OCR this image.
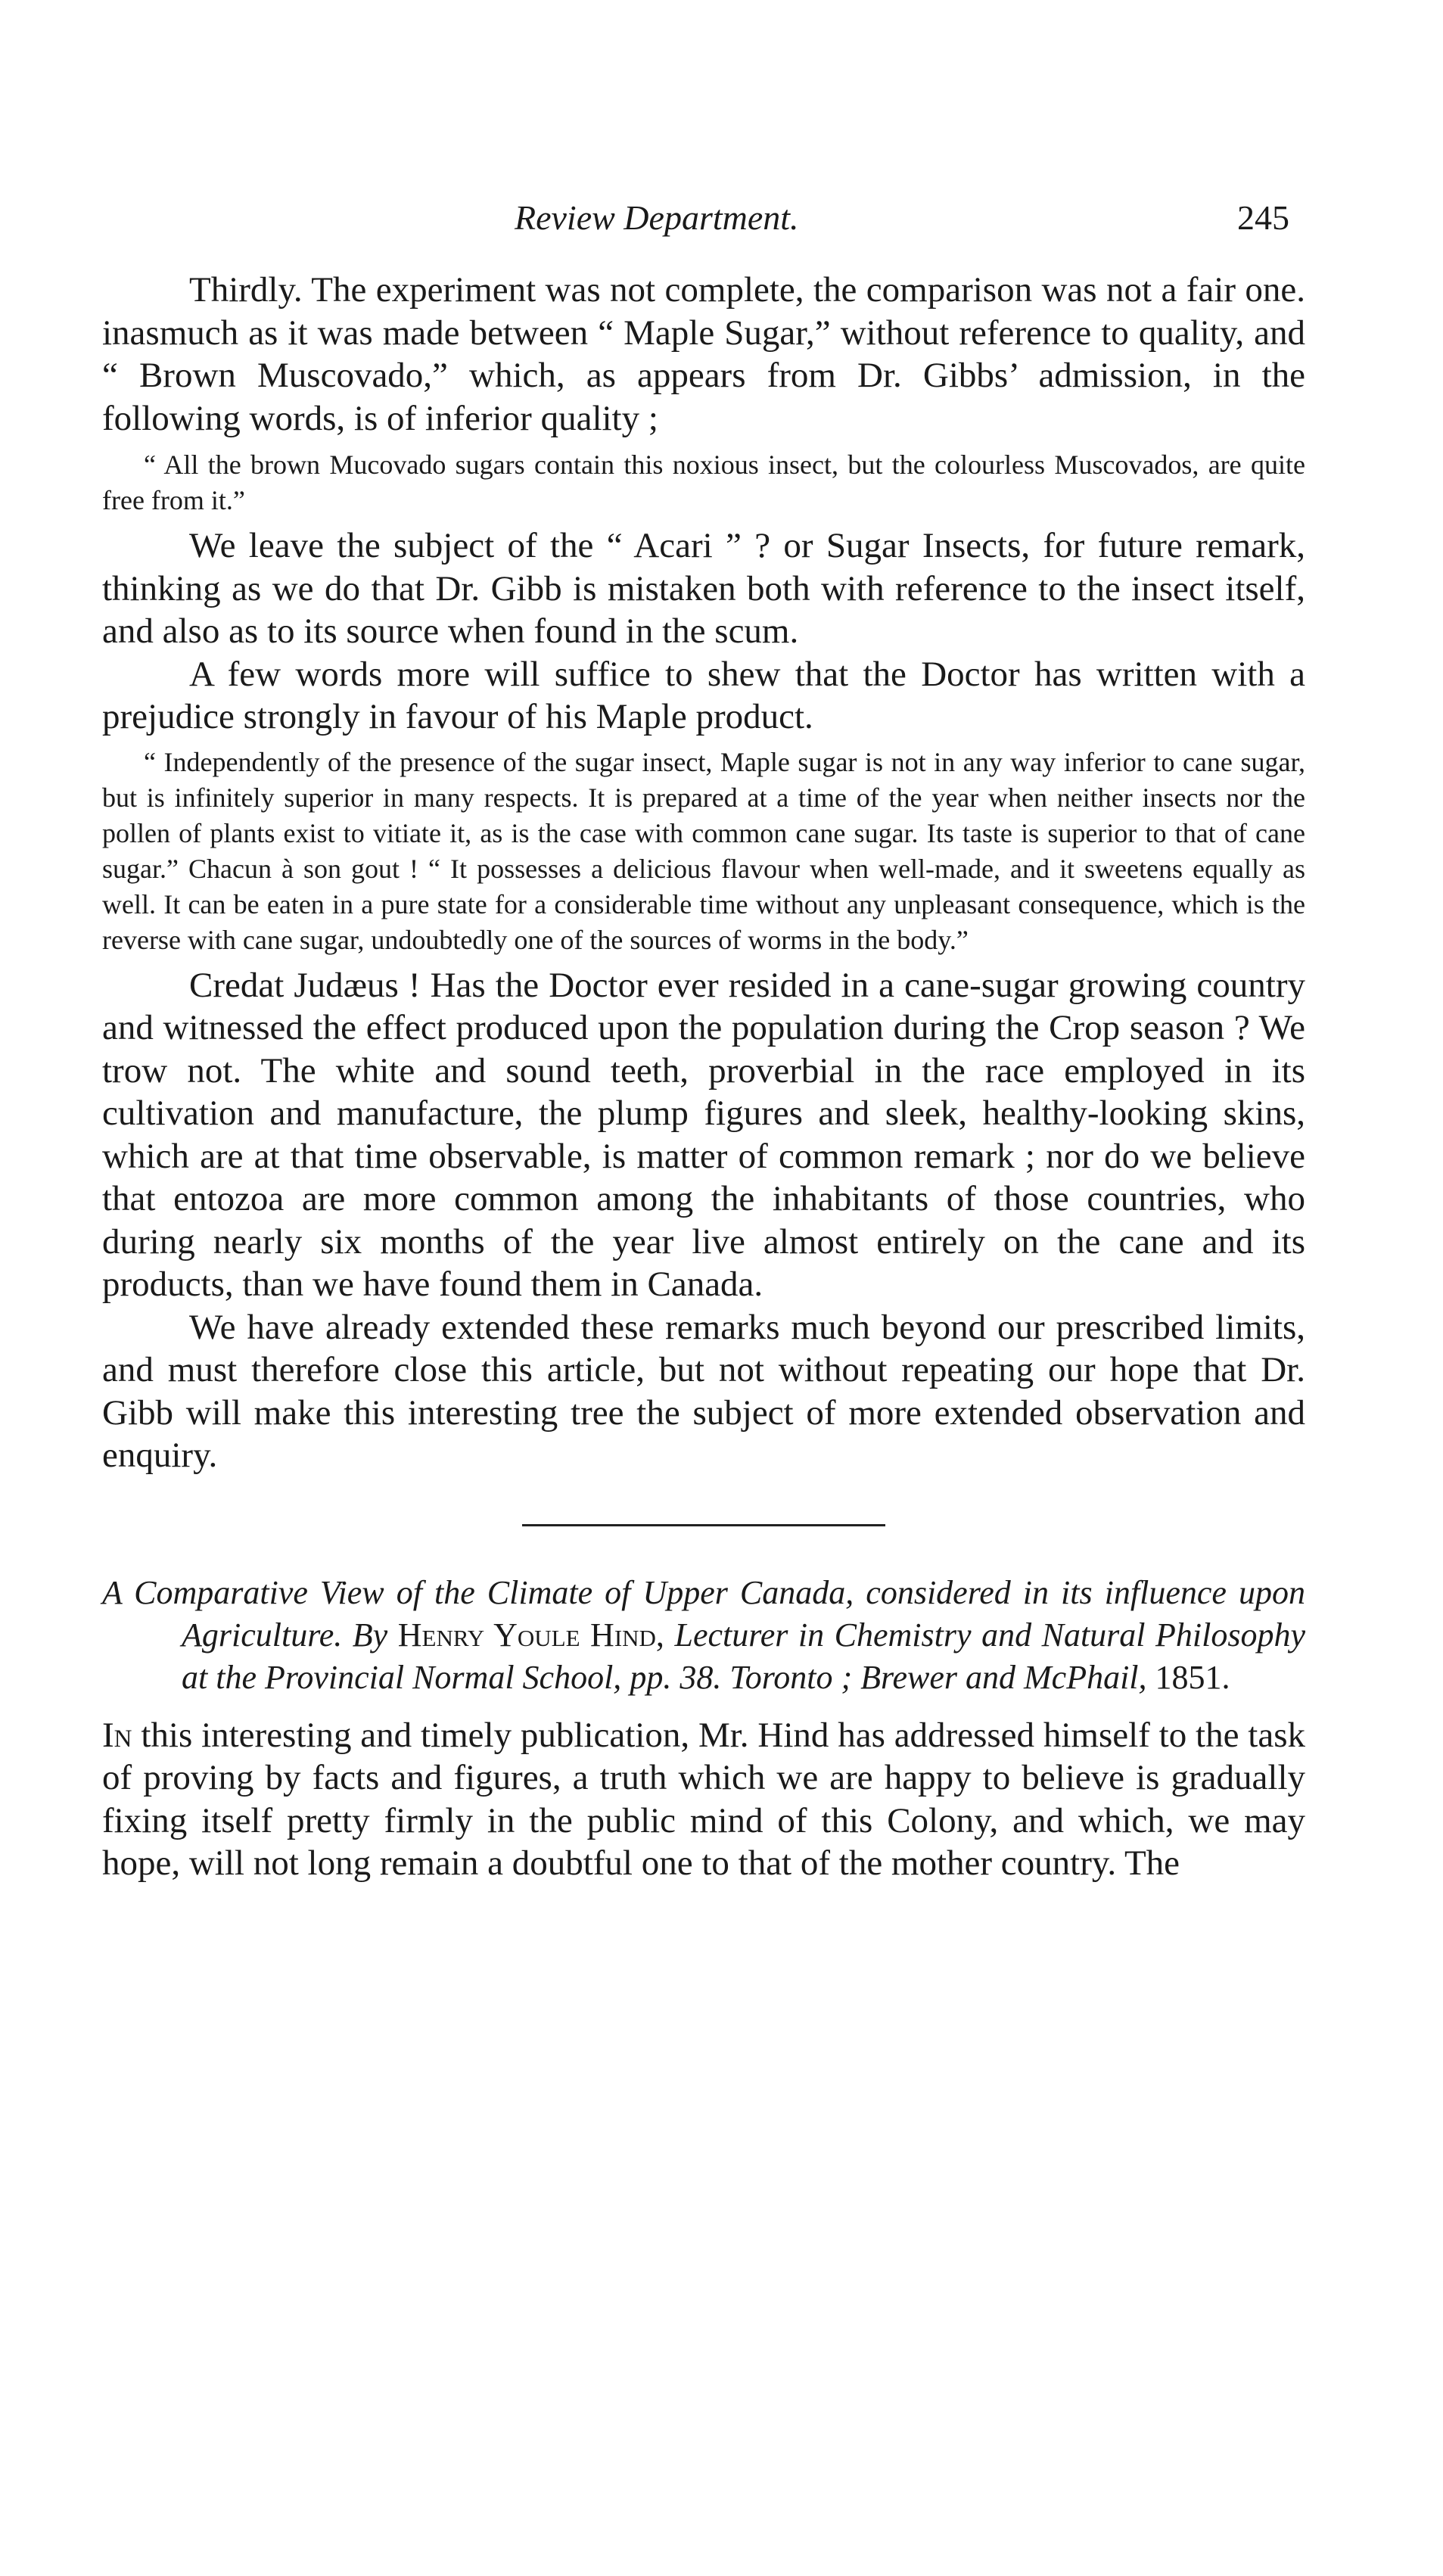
Review Department.	245

Thirdly. The experiment was not complete, the comparison was not a fair one. inasmuch as it was made between “ Maple Sugar,” without reference to quality, and “ Brown Muscovado,” which, as appears from Dr. Gibbs’ admission, in the following words, is of inferior quality ;

“ All the brown Mucovado sugars contain this noxious insect, but the colourless Muscovados, are quite free from it.”

We leave the subject of the “ Acari ” ? or Sugar Insects, for future remark, thinking as we do that Dr. Gibb is mistaken both with reference to the insect itself, and also as to its source when found in the scum.

A few words more will suffice to shew that the Doctor has written with a prejudice strongly in favour of his Maple product.

“ Independently of the presence of the sugar insect, Maple sugar is not in any way inferior to cane sugar, but is infinitely superior in many respects. It is prepared at a time of the year when neither insects nor the pollen of plants exist to vitiate it, as is the case with common cane sugar. Its taste is superior to that of cane sugar.” Chacun à son gout ! “ It possesses a delicious flavour when well-made, and it sweetens equally as well. It can be eaten in a pure state for a considerable time without any unpleasant consequence, which is the reverse with cane sugar, undoubtedly one of the sources of worms in the body.”

Credat Judæus ! Has the Doctor ever resided in a cane-sugar growing country and witnessed the effect produced upon the population during the Crop season ? We trow not. The white and sound teeth, proverbial in the race employed in its cultivation and manufacture, the plump figures and sleek, healthy-looking skins, which are at that time observable, is matter of common remark ; nor do we believe that entozoa are more common among the inhabitants of those countries, who during nearly six months of the year live almost entirely on the cane and its products, than we have found them in Canada.

We have already extended these remarks much beyond our prescribed limits, and must therefore close this article, but not without repeating our hope that Dr. Gibb will make this interesting tree the subject of more extended observation and enquiry.

A Comparative View of the Climate of Upper Canada, considered in its influence upon Agriculture. By Henry Youle Hind, Lecturer in Chemistry and Natural Philosophy at the Provincial Normal School, pp. 38. Toronto ; Brewer and McPhail, 1851.

In this interesting and timely publication, Mr. Hind has addressed himself to the task of proving by facts and figures, a truth which we are happy to believe is gradually fixing itself pretty firmly in the public mind of this Colony, and which, we may hope, will not long remain a doubtful one to that of the mother country. The
